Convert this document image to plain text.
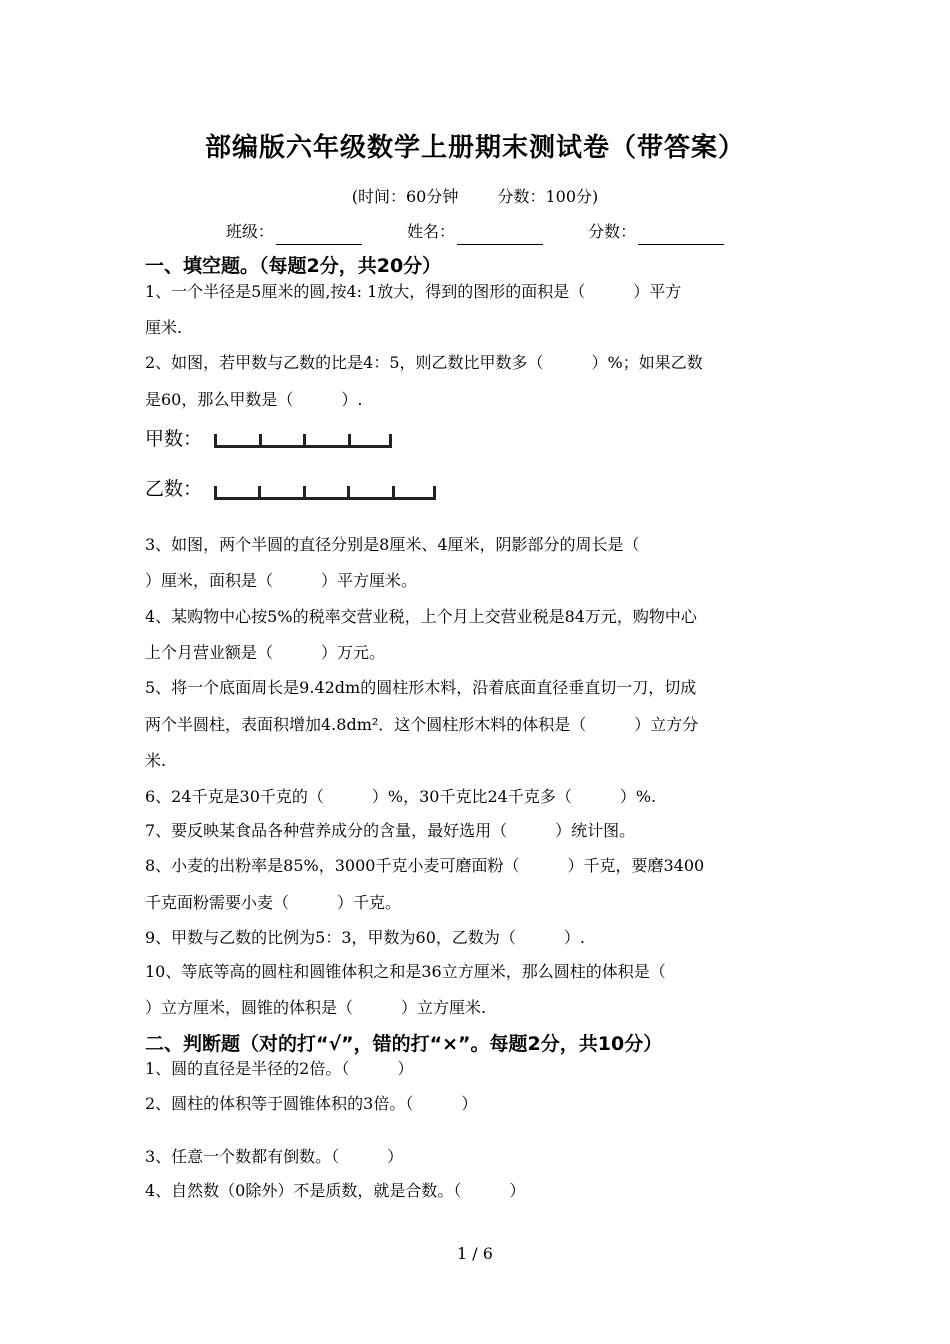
部编版六年级数学上册期末测试卷（带答案）
(时间：60分钟 分数：100分)
班级：	姓名：	分数：
一、填空题。（每题2分，共20分）
1、一个半径是5厘米的圆,按4: 1放大，得到的图形的面积是（　　　）平方
厘米.
2、如图，若甲数与乙数的比是4：5，则乙数比甲数多（　　　）%；如果乙数
是60，那么甲数是（　　　）.
甲数：
乙数：
3、如图，两个半圆的直径分别是8厘米、4厘米，阴影部分的周长是（
）厘米，面积是（　　　）平方厘米。
4、某购物中心按5%的税率交营业税，上个月上交营业税是84万元，购物中心
上个月营业额是（　　　）万元。
5、将一个底面周长是9.42dm的圆柱形木料，沿着底面直径垂直切一刀，切成
两个半圆柱，表面积增加4.8dm²．这个圆柱形木料的体积是（　　　）立方分
米.
6、24千克是30千克的（　　　）%，30千克比24千克多（　　　）%.
7、要反映某食品各种营养成分的含量，最好选用（　　　）统计图。
8、小麦的出粉率是85%，3000千克小麦可磨面粉（　　　）千克，要磨3400
千克面粉需要小麦（　　　）千克。
9、甲数与乙数的比例为5：3，甲数为60，乙数为（　　　）.
10、等底等高的圆柱和圆锥体积之和是36立方厘米，那么圆柱的体积是（
）立方厘米，圆锥的体积是（　　　）立方厘米.
二、判断题（对的打“√”，错的打“×”。每题2分，共10分）
1、圆的直径是半径的2倍。（　　　）
2、圆柱的体积等于圆锥体积的3倍。（　　　）
3、任意一个数都有倒数。（　　　）
4、自然数（0除外）不是质数，就是合数。（　　　）
1 / 6
